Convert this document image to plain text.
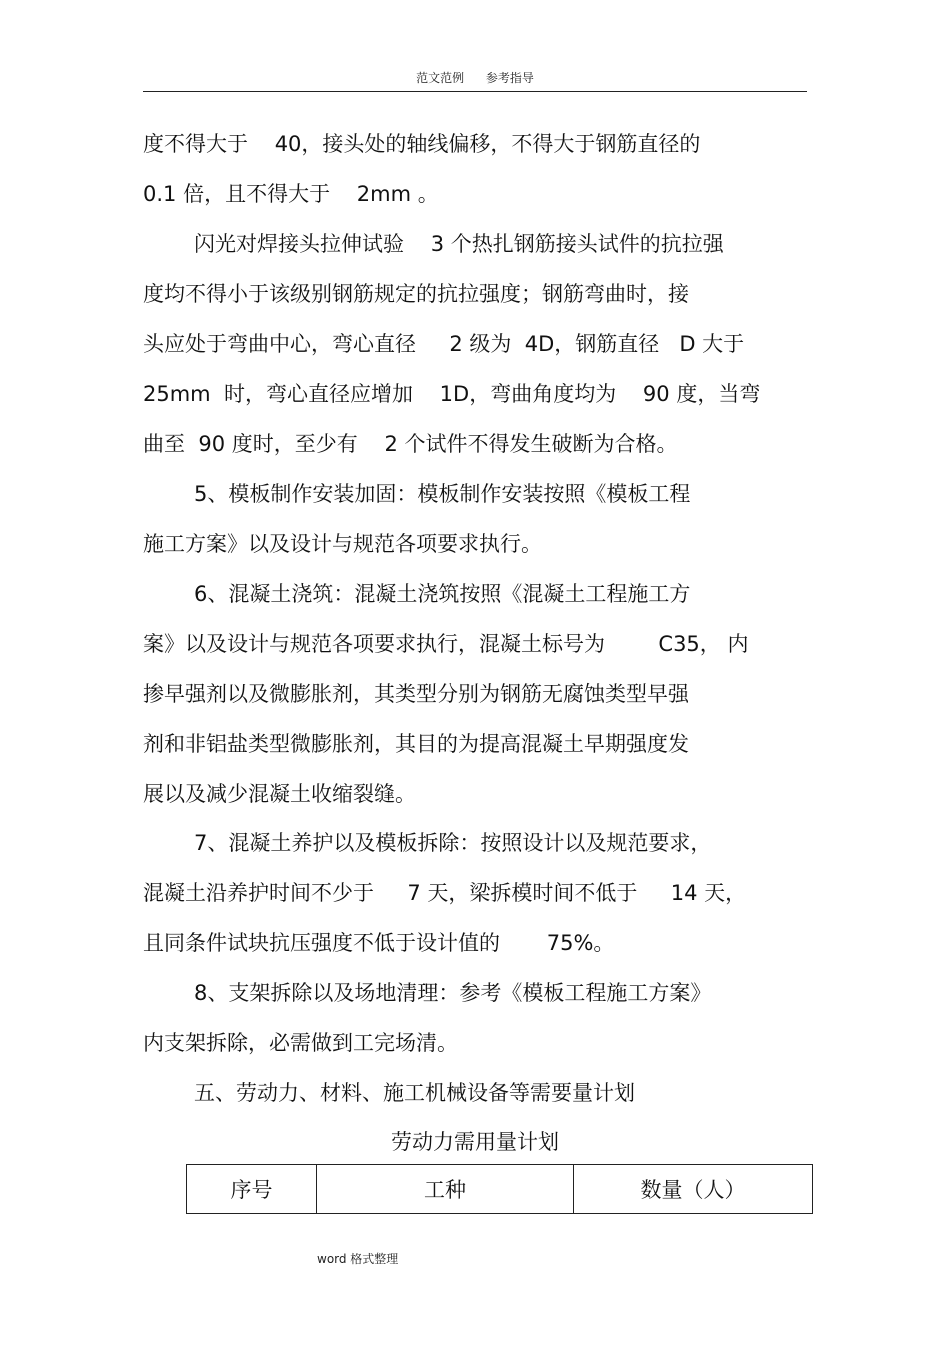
范文范例 参考指导
度不得大于    40，接头处的轴线偏移，不得大于钢筋直径的
0.1 倍，且不得大于    2mm 。
闪光对焊接头拉伸试验    3 个热扎钢筋接头试件的抗拉强
度均不得小于该级别钢筋规定的抗拉强度；钢筋弯曲时，接
头应处于弯曲中心，弯心直径     2 级为  4D，钢筋直径   D 大于
25mm  时，弯心直径应增加    1D，弯曲角度均为    90 度，当弯
曲至  90 度时，至少有    2 个试件不得发生破断为合格。
5、模板制作安装加固：模板制作安装按照《模板工程
施工方案》以及设计与规范各项要求执行。
6、混凝土浇筑：混凝土浇筑按照《混凝土工程施工方
案》以及设计与规范各项要求执行，混凝土标号为        C35， 内
掺早强剂以及微膨胀剂，其类型分别为钢筋无腐蚀类型早强
剂和非铝盐类型微膨胀剂，其目的为提高混凝土早期强度发
展以及减少混凝土收缩裂缝。
7、混凝土养护以及模板拆除：按照设计以及规范要求，
混凝土沿养护时间不少于     7 天，梁拆模时间不低于     14 天，
且同条件试块抗压强度不低于设计值的       75%。
8、支架拆除以及场地清理：参考《模板工程施工方案》
内支架拆除，必需做到工完场清。
五、劳动力、材料、施工机械设备等需要量计划
劳动力需用量计划
序号	工种	数量（人）
word 格式整理
